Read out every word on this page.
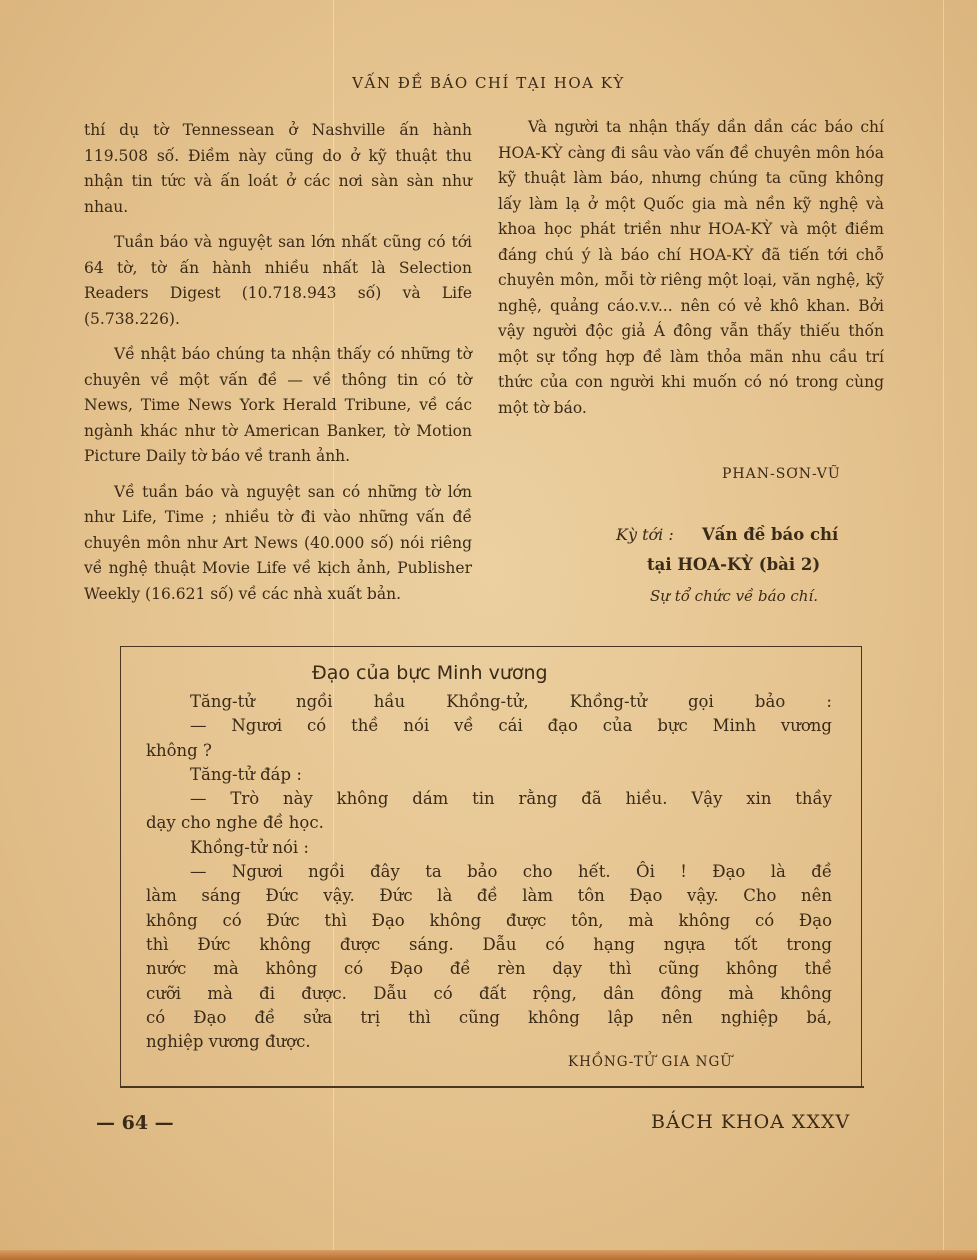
VẤN ĐỀ BÁO CHÍ TẠI HOA KỲ

thí dụ tờ Tennessean ở Nashville ấn hành 119.508 số. Điềm này cũng do ở kỹ thuật thu nhận tin tức và ấn loát ở các nơi sàn sàn như nhau.

Tuần báo và nguyệt san lớn nhất cũng có tới 64 tờ, tờ ấn hành nhiều nhất là Selection Readers Digest (10.718.943 số) và Life (5.738.226).

Về nhật báo chúng ta nhận thấy có những tờ chuyên về một vấn đề — về thông tin có tờ News, Time News York Herald Tribune, về các ngành khác như tờ American Banker, tờ Motion Picture Daily tờ báo về tranh ảnh.

Về tuần báo và nguyệt san có những tờ lớn như Life, Time ; nhiều tờ đi vào những vấn đề chuyên môn như Art News (40.000 số) nói riêng về nghệ thuật Movie Life về kịch ảnh, Publisher Weekly (16.621 số) về các nhà xuất bản.

Và người ta nhận thấy dần dần các báo chí HOA-KỲ càng đi sâu vào vấn đề chuyên môn hóa kỹ thuật làm báo, nhưng chúng ta cũng không lấy làm lạ ở một Quốc gia mà nền kỹ nghệ và khoa học phát triền như HOA-KỲ và một điềm đáng chú ý là báo chí HOA-KỲ đã tiến tới chỗ chuyên môn, mỗi tờ riêng một loại, văn nghệ, kỹ nghệ, quảng cáo.v.v... nên có vẻ khô khan. Bởi vậy người độc giả Á đông vẫn thấy thiếu thốn một sự tổng hợp đề làm thỏa mãn nhu cầu trí thức của con người khi muốn có nó trong cùng một tờ báo.

PHAN-SƠN-VŨ
Kỳ tới : Vấn đề báo chí
tại HOA-KỲ (bài 2)
Sự tổ chức về báo chí.
Đạo của bực Minh vương
Tăng-tử ngồi hầu Khồng-tử, Khồng-tử gọi bảo :
— Ngươi có thề nói về cái đạo của bực Minh vương
không ?
Tăng-tử đáp :
— Trò này không dám tin rằng đã hiều. Vậy xin thầy
dạy cho nghe đề học.
Khồng-tử nói :
— Ngươi ngồi đây ta bảo cho hết. Ôi ! Đạo là đề
làm sáng Đức vậy. Đức là đề làm tôn Đạo vậy. Cho nên
không có Đức thì Đạo không được tôn, mà không có Đạo
thì Đức không được sáng. Dẫu có hạng ngựa tốt trong
nước mà không có Đạo đề rèn dạy thì cũng không thề
cưỡi mà đi được. Dẫu có đất rộng, dân đông mà không
có Đạo đề sửa trị thì cũng không lập nên nghiệp bá,
nghiệp vương được.
KHỒNG-TỬ GIA NGỮ
— 64 —	BÁCH KHOA XXXV
